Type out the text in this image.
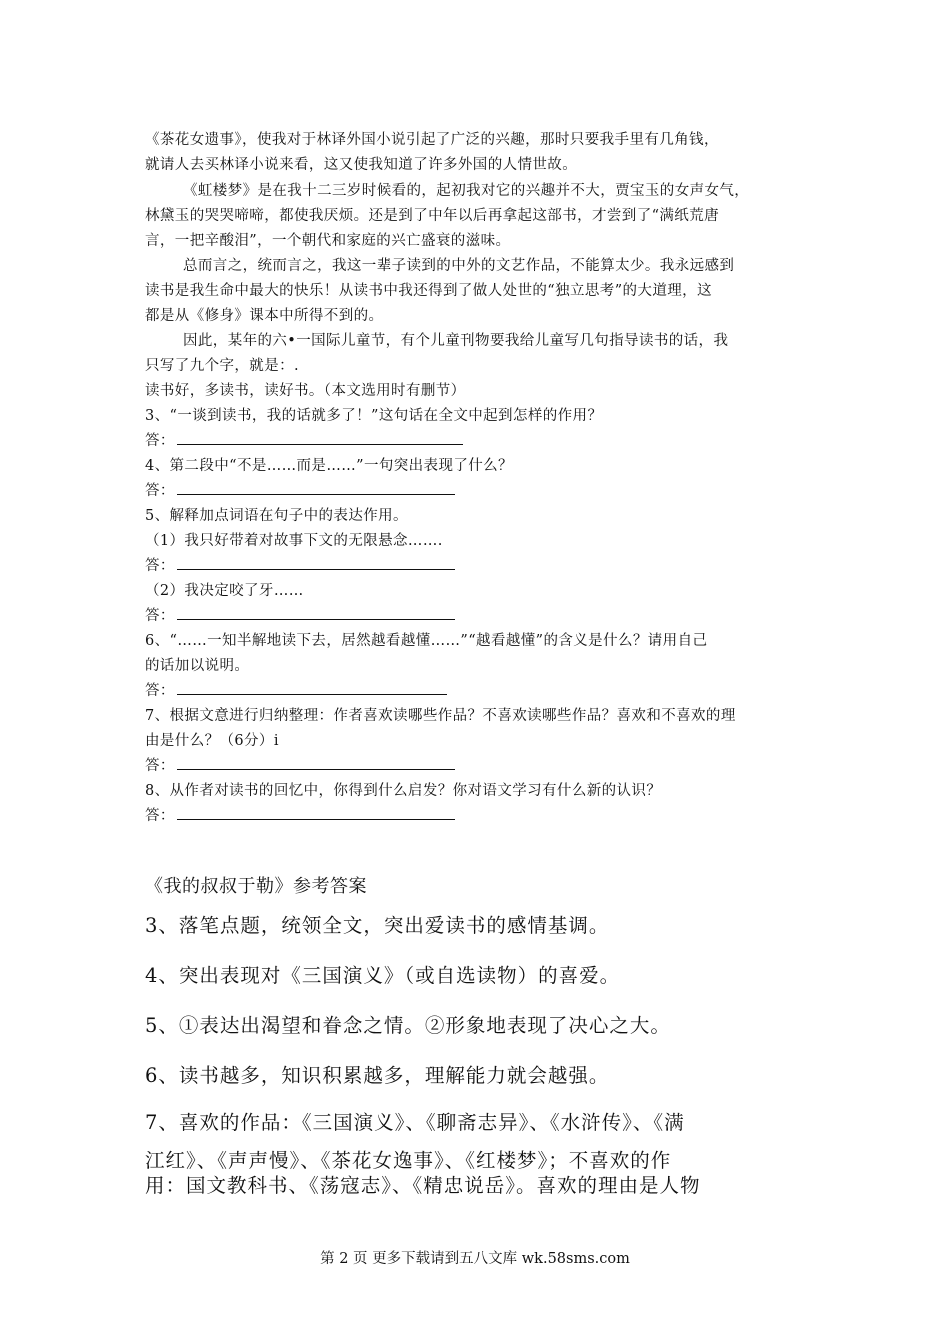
《茶花女遗事》，使我对于林译外国小说引起了广泛的兴趣，那时只要我手里有几角钱，
就请人去买林译小说来看，这又使我知道了许多外国的人情世故。
《虹楼梦》是在我十二三岁时候看的，起初我对它的兴趣并不大，贾宝玉的女声女气，
林黛玉的哭哭啼啼，都使我厌烦。还是到了中年以后再拿起这部书，才尝到了“满纸荒唐
言，一把辛酸泪”，一个朝代和家庭的兴亡盛衰的滋味。
总而言之，统而言之，我这一辈子读到的中外的文艺作品，不能算太少。我永远感到
读书是我生命中最大的快乐！从读书中我还得到了做人处世的“独立思考”的大道理，这
都是从《修身》课本中所得不到的。
因此，某年的六•一国际儿童节，有个儿童刊物要我给儿童写几句指导读书的话，我
只写了九个字，就是：.
读书好，多读书，读好书。（本文选用时有删节）
3、“一谈到读书，我的话就多了！”这句话在全文中起到怎样的作用？
答：
4、第二段中“不是……而是……”一句突出表现了什么？
答：
5、解释加点词语在句子中的表达作用。
（1）我只好带着对故事下文的无限悬念…….
答：
（2）我决定咬了牙……
答：
6、“……一知半解地读下去，居然越看越懂……”“越看越懂”的含义是什么？请用自己
的话加以说明。
答：
7、根据文意进行归纳整理：作者喜欢读哪些作品？不喜欢读哪些作品？喜欢和不喜欢的理
由是什么？（6分）i
答：
8、从作者对读书的回忆中，你得到什么启发？你对语文学习有什么新的认识？
答：
《我的叔叔于勒》参考答案
3、落笔点题，统领全文，突出爱读书的感情基调。
4、突出表现对《三国演义》（或自选读物）的喜爱。
5、①表达出渴望和眷念之情。②形象地表现了决心之大。
6、读书越多，知识积累越多，理解能力就会越强。
7、喜欢的作品：《三国演义》、《聊斋志异》、《水浒传》、《满
江红》、《声声慢》、《茶花女逸事》、《红楼梦》；不喜欢的作
用：国文教科书、《荡寇志》、《精忠说岳》。喜欢的理由是人物
第 2 页 更多下载请到五八文库 wk.58sms.com
